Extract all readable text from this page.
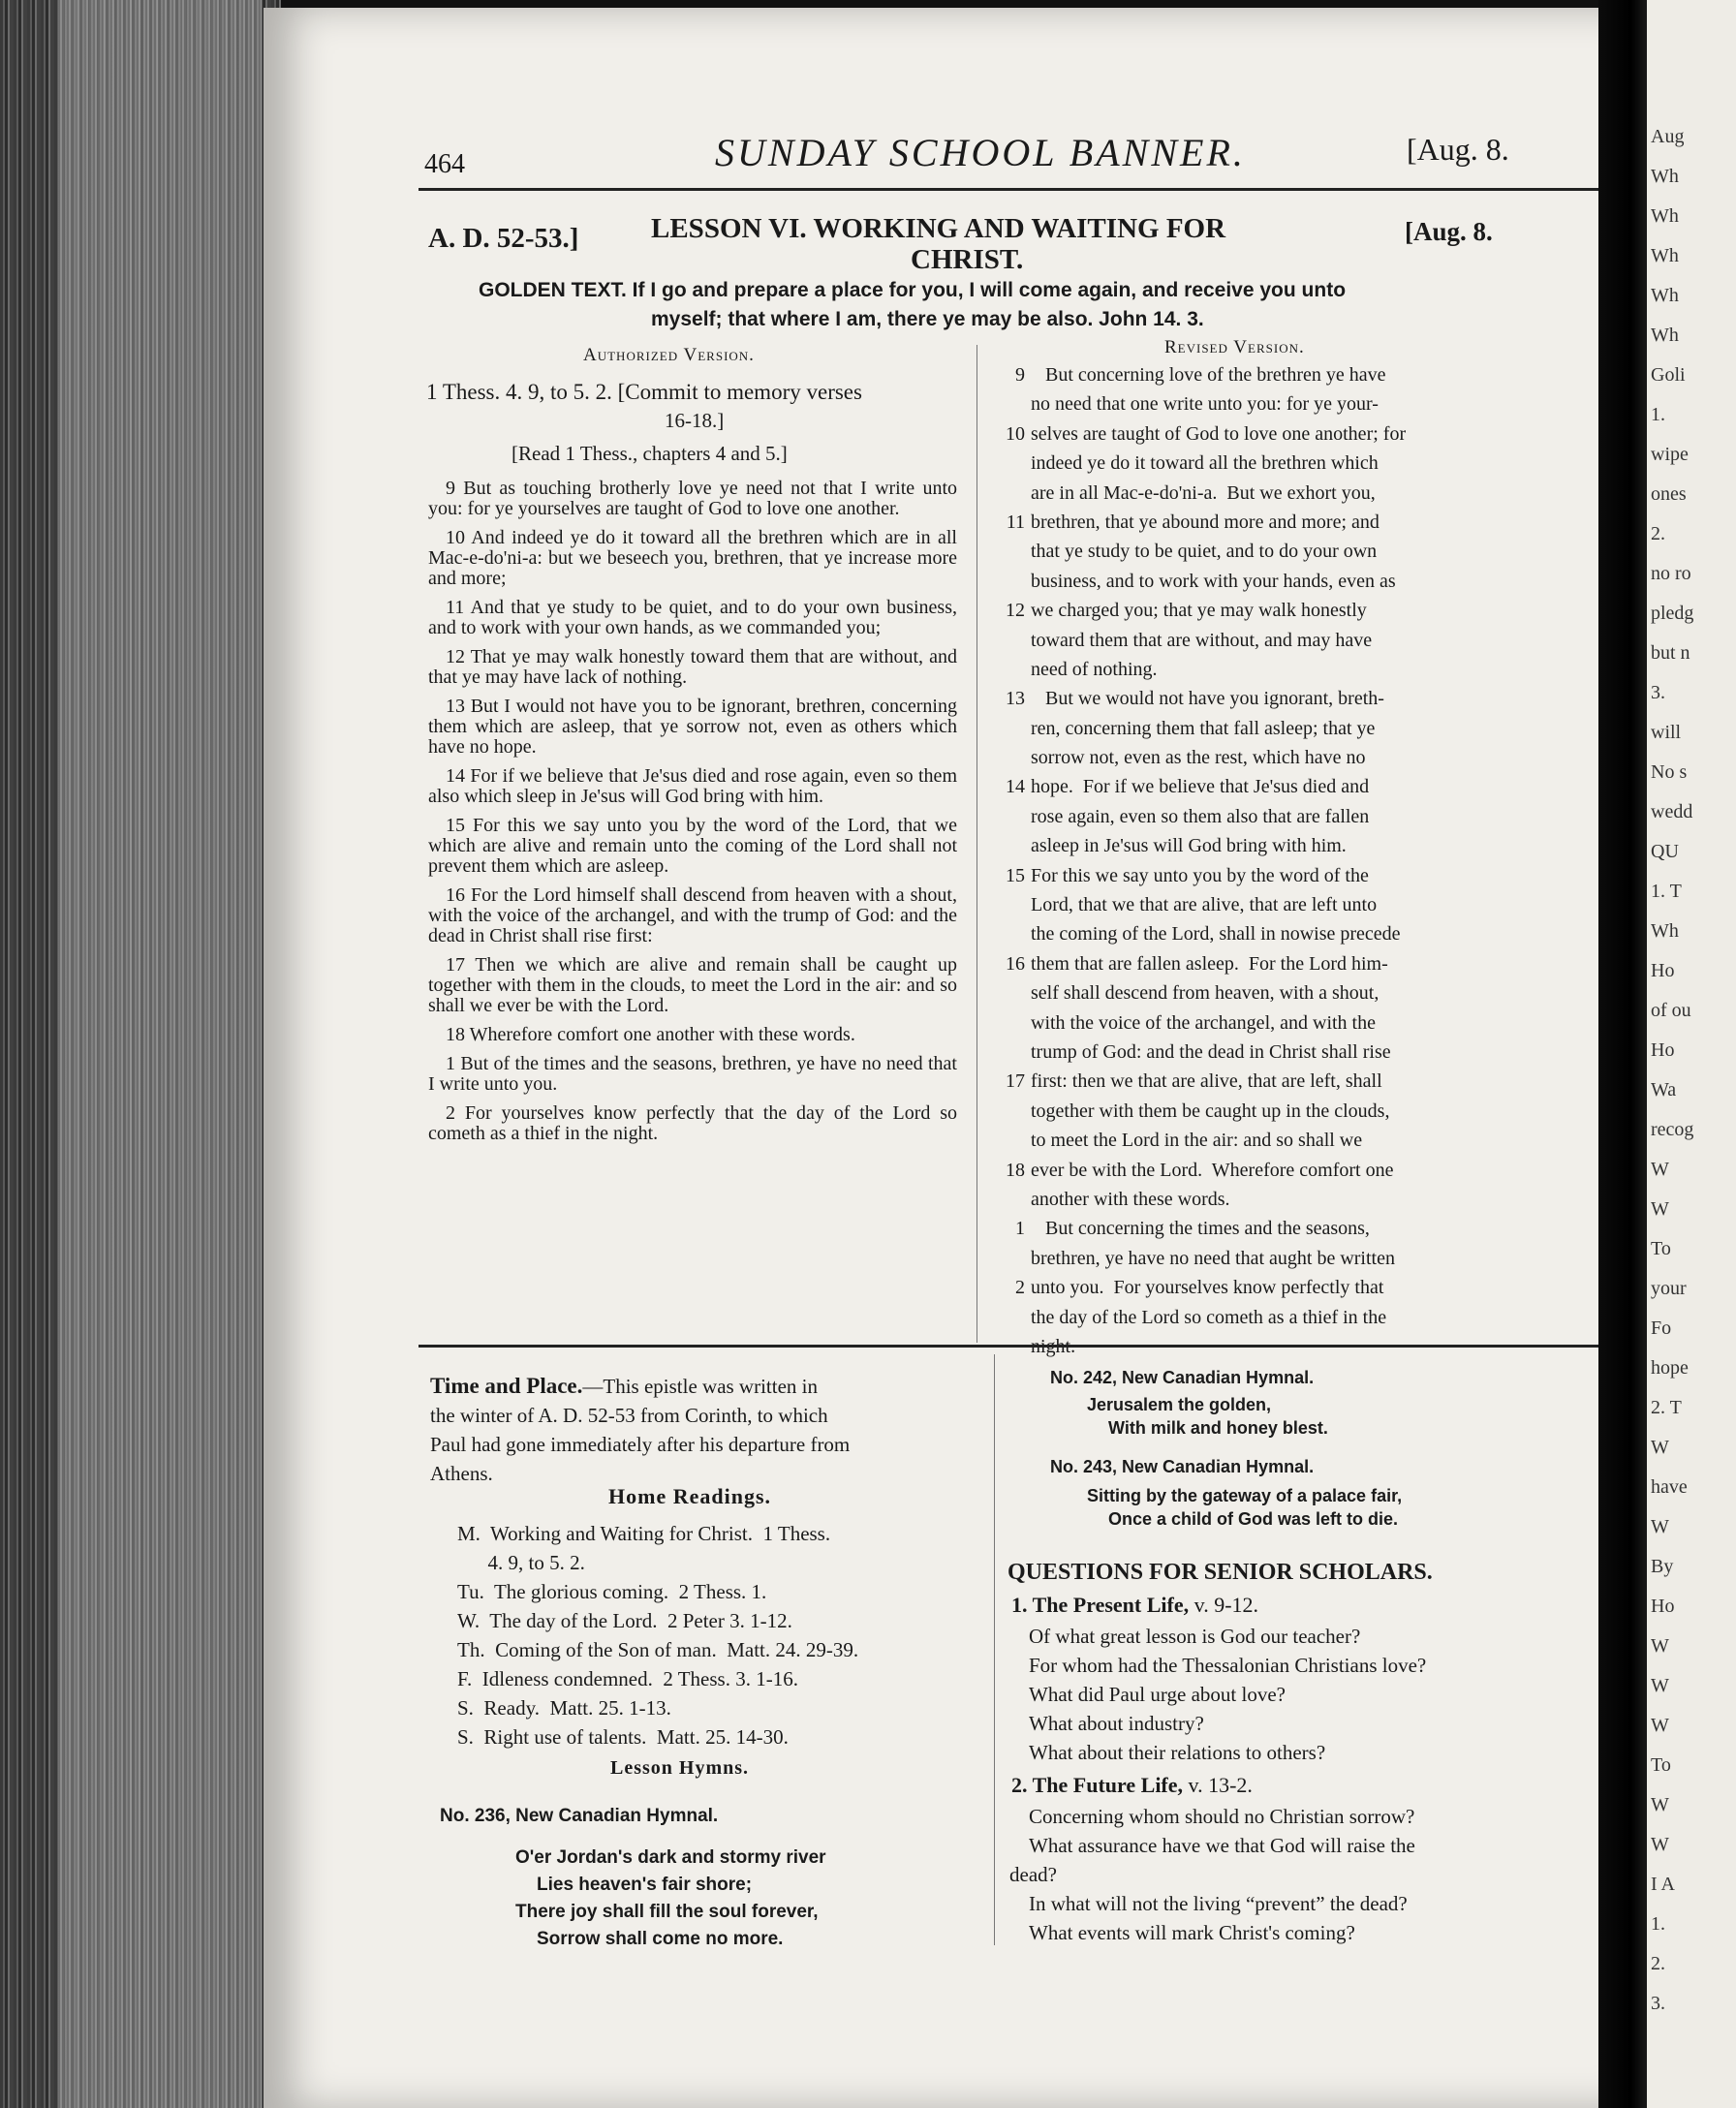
464	SUNDAY SCHOOL BANNER.	[Aug. 8.
A. D. 52-53.]	LESSON VI. WORKING AND WAITING FOR
CHRIST.
[Aug. 8.
GOLDEN TEXT. If I go and prepare a place for you, I will come again, and receive you unto
myself; that where I am, there ye may be also. John 14. 3.
Authorized Version.
1 Thess. 4. 9, to 5. 2. [Commit to memory verses
16-18.]
[Read 1 Thess., chapters 4 and 5.]

9 But as touching brotherly love ye need not that I write unto you: for ye yourselves are taught of God to love one another.

10 And indeed ye do it toward all the brethren which are in all Mac-e-do'ni-a: but we beseech you, brethren, that ye increase more and more;

11 And that ye study to be quiet, and to do your own business, and to work with your own hands, as we commanded you;

12 That ye may walk honestly toward them that are without, and that ye may have lack of nothing.

13 But I would not have you to be ignorant, brethren, concerning them which are asleep, that ye sorrow not, even as others which have no hope.

14 For if we believe that Je'sus died and rose again, even so them also which sleep in Je'sus will God bring with him.

15 For this we say unto you by the word of the Lord, that we which are alive and remain unto the coming of the Lord shall not prevent them which are asleep.

16 For the Lord himself shall descend from heaven with a shout, with the voice of the archangel, and with the trump of God: and the dead in Christ shall rise first:

17 Then we which are alive and remain shall be caught up together with them in the clouds, to meet the Lord in the air: and so shall we ever be with the Lord.

18 Wherefore comfort one another with these words.

1 But of the times and the seasons, brethren, ye have no need that I write unto you.

2 For yourselves know perfectly that the day of the Lord so cometh as a thief in the night.

Revised Version.
9 But concerning love of the brethren ye have
no need that one write unto you: for ye your-
10 selves are taught of God to love one another; for
indeed ye do it toward all the brethren which
are in all Mac-e-do'ni-a.  But we exhort you,
11 brethren, that ye abound more and more; and
that ye study to be quiet, and to do your own
business, and to work with your hands, even as
12 we charged you; that ye may walk honestly
toward them that are without, and may have
need of nothing.
13 But we would not have you ignorant, breth-
ren, concerning them that fall asleep; that ye
sorrow not, even as the rest, which have no
14 hope.  For if we believe that Je'sus died and
rose again, even so them also that are fallen
asleep in Je'sus will God bring with him.
15 For this we say unto you by the word of the
Lord, that we that are alive, that are left unto
the coming of the Lord, shall in nowise precede
16 them that are fallen asleep.  For the Lord him-
self shall descend from heaven, with a shout,
with the voice of the archangel, and with the
trump of God: and the dead in Christ shall rise
17 first: then we that are alive, that are left, shall
together with them be caught up in the clouds,
to meet the Lord in the air: and so shall we
18 ever be with the Lord.  Wherefore comfort one
another with these words.
1 But concerning the times and the seasons,
brethren, ye have no need that aught be written
2 unto you.  For yourselves know perfectly that
the day of the Lord so cometh as a thief in the
Time and Place.—This epistle was written in
the winter of A. D. 52-53 from Corinth, to which
Paul had gone immediately after his departure from
Athens.
Home Readings.
M.  Working and Waiting for Christ.  1 Thess.
4. 9, to 5. 2.
Tu.  The glorious coming.  2 Thess. 1.
W.  The day of the Lord.  2 Peter 3. 1-12.
Th.  Coming of the Son of man.  Matt. 24. 29-39.
F.  Idleness condemned.  2 Thess. 3. 1-16.
S.  Ready.  Matt. 25. 1-13.
S.  Right use of talents.  Matt. 25. 14-30.
Lesson Hymns.
No. 236, New Canadian Hymnal.
O'er Jordan's dark and stormy river
Lies heaven's fair shore;
There joy shall fill the soul forever,
Sorrow shall come no more.
No. 242, New Canadian Hymnal.
Jerusalem the golden,
With milk and honey blest.
No. 243, New Canadian Hymnal.
Sitting by the gateway of a palace fair,
Once a child of God was left to die.
QUESTIONS FOR SENIOR SCHOLARS.
1. The Present Life, v. 9-12.
Of what great lesson is God our teacher?
For whom had the Thessalonian Christians love?
What did Paul urge about love?
What about industry?
What about their relations to others?
2. The Future Life, v. 13-2.
Concerning whom should no Christian sorrow?
What assurance have we that God will raise the
dead?
In what will not the living “prevent” the dead?
What events will mark Christ's coming?
Aug
Wh
Wh
Wh
Wh
Wh
Goli
1.
wipe
ones
2.
no ro
pledg
but n
3.
will
No s
wedd
QU
1. T
Wh
Ho
of ou
Ho
Wa
recog
W
W
To
your
Fo
hope
2. T
W
have
W
By
Ho
W
W
W
To
W
W
I A
1.
2.
3.
